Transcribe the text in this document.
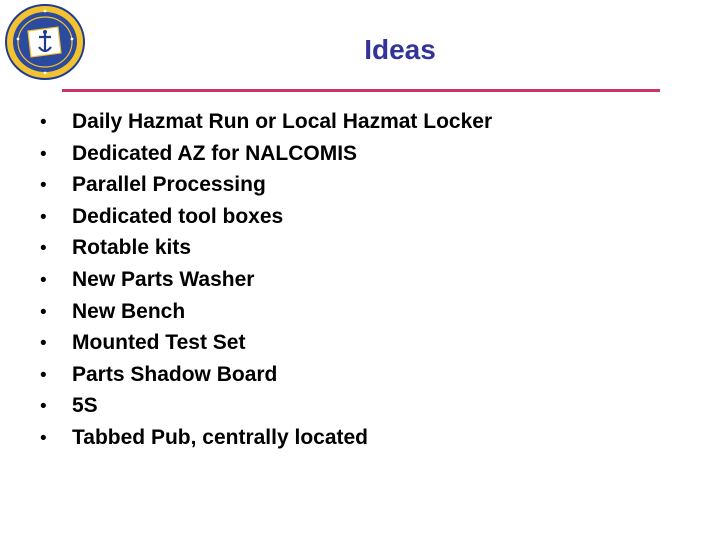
Ideas
•	Daily Hazmat Run or Local Hazmat Locker
•	Dedicated AZ for NALCOMIS
•	Parallel Processing
•	Dedicated tool boxes
•	Rotable kits
•	New Parts Washer
•	New Bench
•	Mounted Test Set
•	Parts Shadow Board
•	5S
•	Tabbed Pub, centrally located
